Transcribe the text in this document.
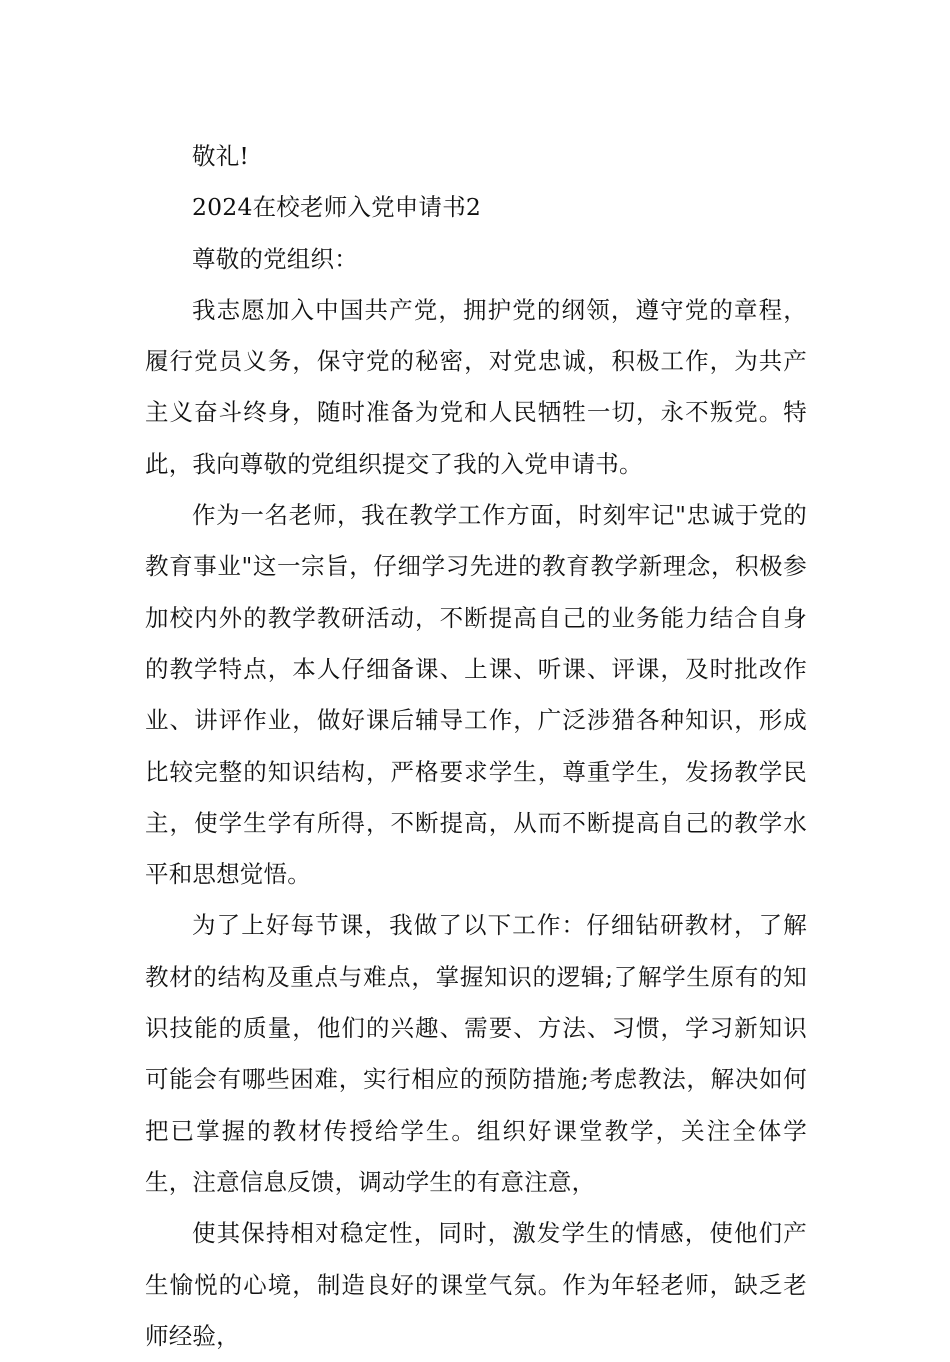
敬礼!

2024在校老师入党申请书2

尊敬的党组织：

我志愿加入中国共产党，拥护党的纲领，遵守党的章程，履行党员义务，保守党的秘密，对党忠诚，积极工作，为共产主义奋斗终身，随时准备为党和人民牺牲一切，永不叛党。特此，我向尊敬的党组织提交了我的入党申请书。

作为一名老师，我在教学工作方面，时刻牢记"忠诚于党的教育事业"这一宗旨，仔细学习先进的教育教学新理念，积极参加校内外的教学教研活动，不断提高自己的业务能力结合自身的教学特点，本人仔细备课、上课、听课、评课，及时批改作业、讲评作业，做好课后辅导工作，广泛涉猎各种知识，形成比较完整的知识结构，严格要求学生，尊重学生，发扬教学民主，使学生学有所得，不断提高，从而不断提高自己的教学水平和思想觉悟。

为了上好每节课，我做了以下工作：仔细钻研教材，了解教材的结构及重点与难点，掌握知识的逻辑;了解学生原有的知识技能的质量，他们的兴趣、需要、方法、习惯，学习新知识可能会有哪些困难，实行相应的预防措施;考虑教法，解决如何把已掌握的教材传授给学生。组织好课堂教学，关注全体学生，注意信息反馈，调动学生的有意注意，

使其保持相对稳定性，同时，激发学生的情感，使他们产生愉悦的心境，制造良好的课堂气氛。作为年轻老师，缺乏老师经验，
